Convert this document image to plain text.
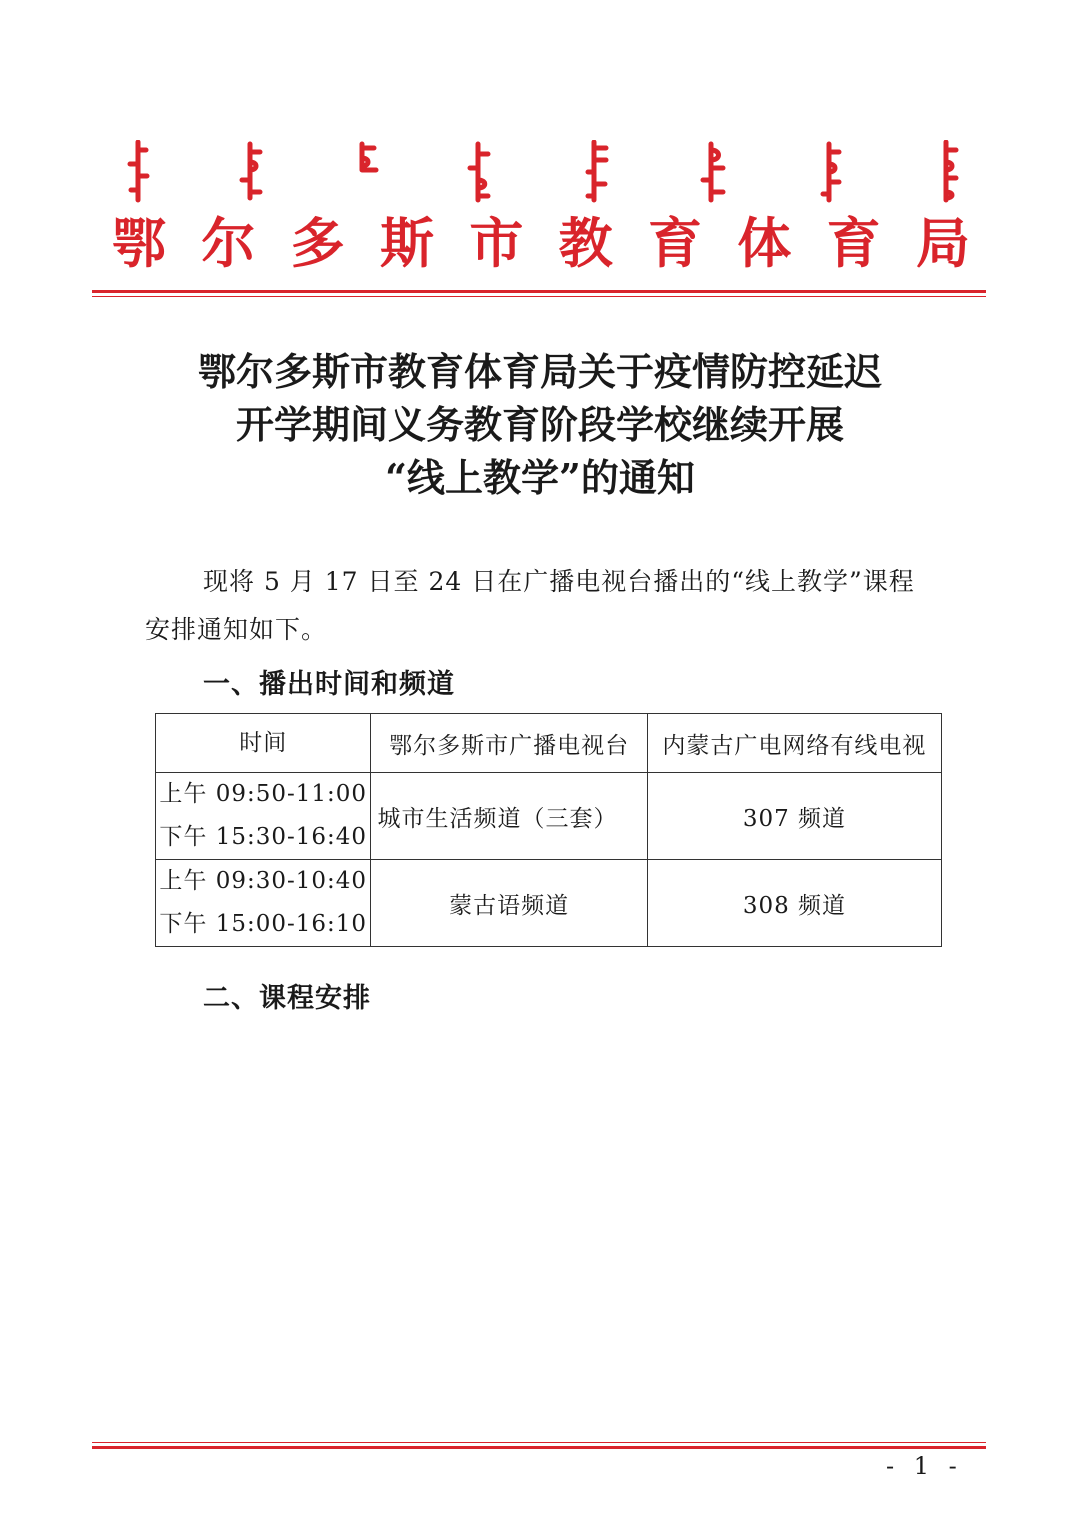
鄂 尔 多 斯 市 教 育 体 育 局
鄂尔多斯市教育体育局关于疫情防控延迟
开学期间义务教育阶段学校继续开展
“线上教学”的通知
现将 5 月 17 日至 24 日在广播电视台播出的“线上教学”课程
安排通知如下。
一、播出时间和频道
时间	鄂尔多斯市广播电视台	内蒙古广电网络有线电视

上午 09:50-11:00
下午 15:30-16:40	城市生活频道（三套）	307 频道

上午 09:30-10:40
下午 15:00-16:10	蒙古语频道	308 频道
二、课程安排
- 1 -
